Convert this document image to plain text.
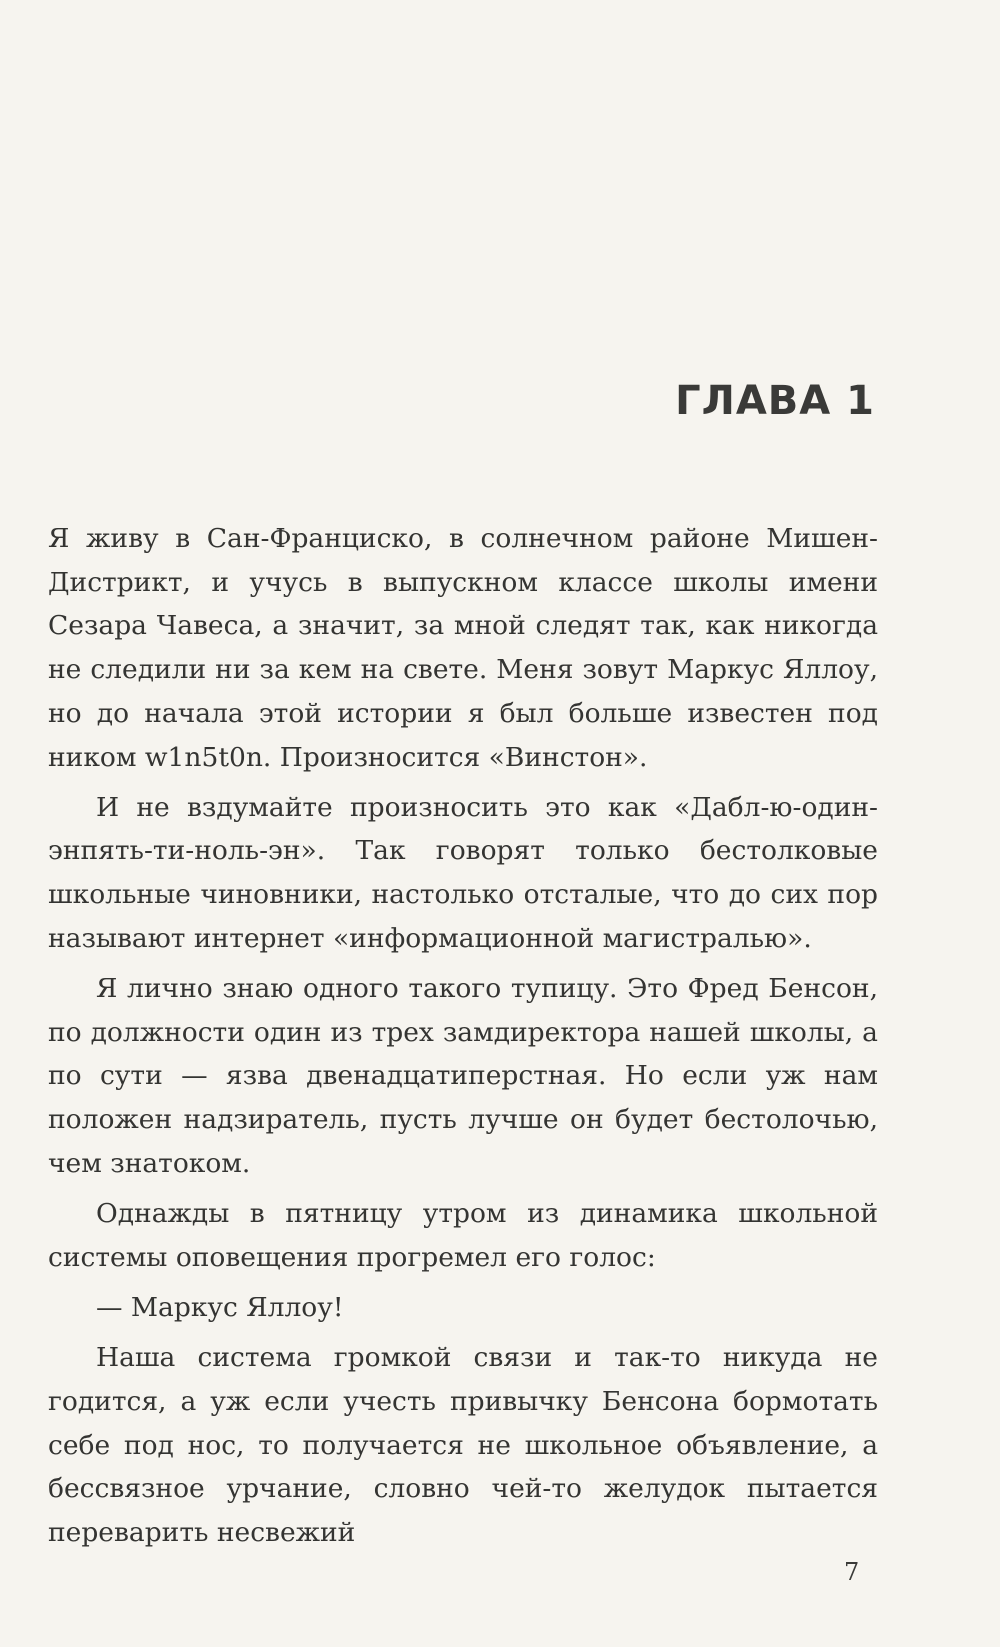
ГЛАВА 1

Я живу в Сан-Франциско, в солнечном районе Мишен-Дистрикт, и учусь в выпускном классе школы имени Сезара Чавеса, а значит, за мной следят так, как никогда не следили ни за кем на свете. Меня зовут Маркус Яллоу, но до начала этой истории я был больше известен под ником w1n5t0n. Произносится «Винстон».

И не вздумайте произносить это как «Дабл-ю-один-энпять-ти-ноль-эн». Так говорят только бестолковые школьные чиновники, настолько отсталые, что до сих пор называют интернет «информационной магистралью».

Я лично знаю одного такого тупицу. Это Фред Бенсон, по должности один из трех замдиректора нашей школы, а по сути — язва двенадцатиперстная. Но если уж нам положен надзиратель, пусть лучше он будет бестолочью, чем знатоком.

Однажды в пятницу утром из динамика школьной системы оповещения прогремел его голос:

— Маркус Яллоу!

Наша система громкой связи и так-то никуда не годится, а уж если учесть привычку Бенсона бормотать себе под нос, то получается не школьное объявление, а бессвязное урчание, словно чей-то желудок пытается переварить несвежий

7
